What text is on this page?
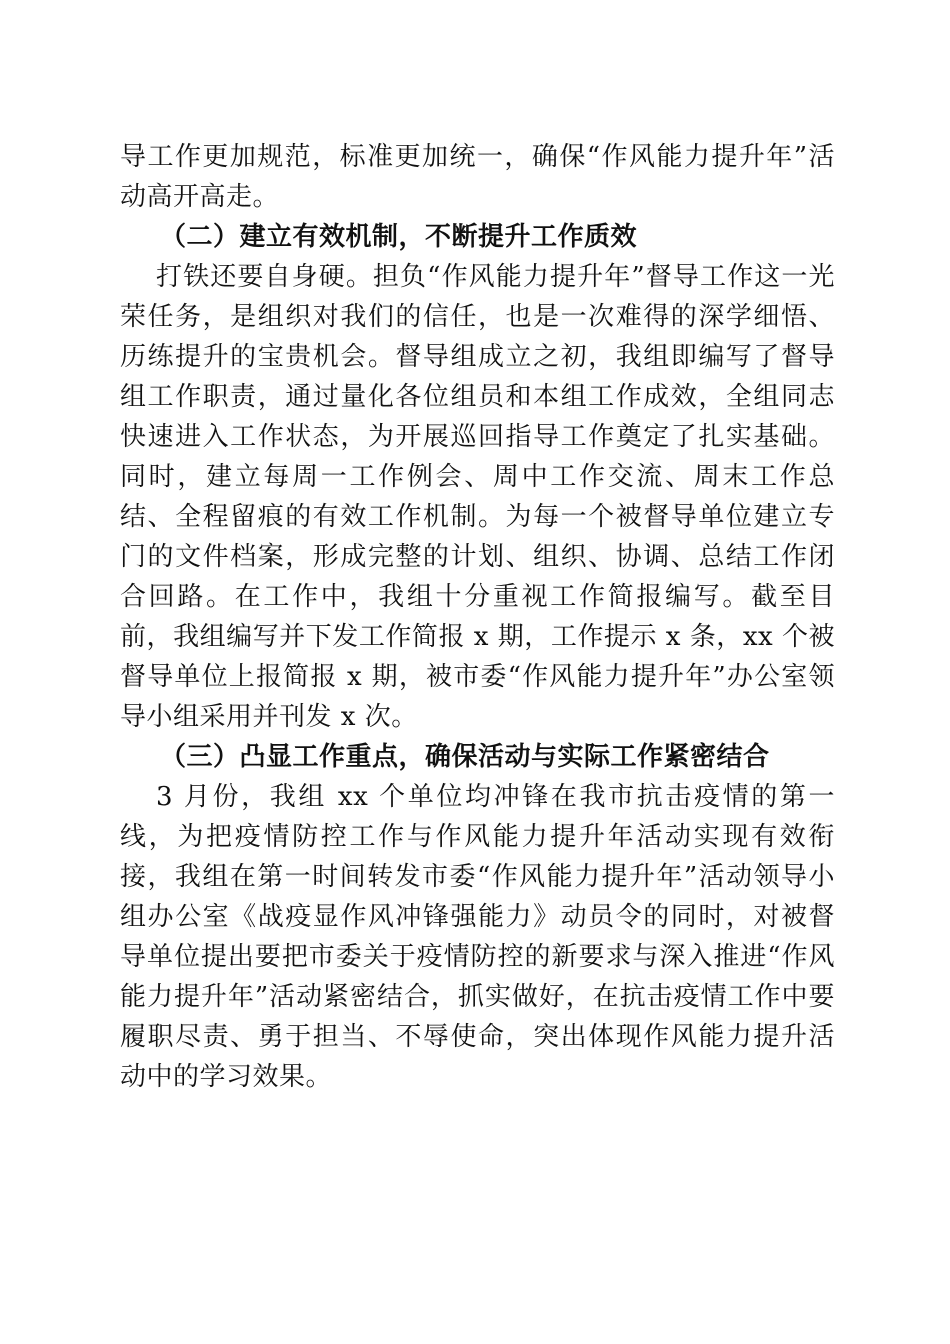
导工作更加规范，标准更加统一，确保“作风能力提升年”活动高开高走。

（二）建立有效机制，不断提升工作质效

打铁还要自身硬。担负“作风能力提升年”督导工作这一光荣任务，是组织对我们的信任，也是一次难得的深学细悟、历练提升的宝贵机会。督导组成立之初，我组即编写了督导组工作职责，通过量化各位组员和本组工作成效，全组同志快速进入工作状态，为开展巡回指导工作奠定了扎实基础。同时，建立每周一工作例会、周中工作交流、周末工作总结、全程留痕的有效工作机制。为每一个被督导单位建立专门的文件档案，形成完整的计划、组织、协调、总结工作闭合回路。在工作中，我组十分重视工作简报编写。截至目前，我组编写并下发工作简报 x 期，工作提示 x 条，xx 个被督导单位上报简报 x 期，被市委“作风能力提升年”办公室领导小组采用并刊发 x 次。

（三）凸显工作重点，确保活动与实际工作紧密结合

3 月份，我组 xx 个单位均冲锋在我市抗击疫情的第一线，为把疫情防控工作与作风能力提升年活动实现有效衔接，我组在第一时间转发市委“作风能力提升年”活动领导小组办公室《战疫显作风冲锋强能力》动员令的同时，对被督导单位提出要把市委关于疫情防控的新要求与深入推进“作风能力提升年”活动紧密结合，抓实做好，在抗击疫情工作中要履职尽责、勇于担当、不辱使命，突出体现作风能力提升活动中的学习效果。
